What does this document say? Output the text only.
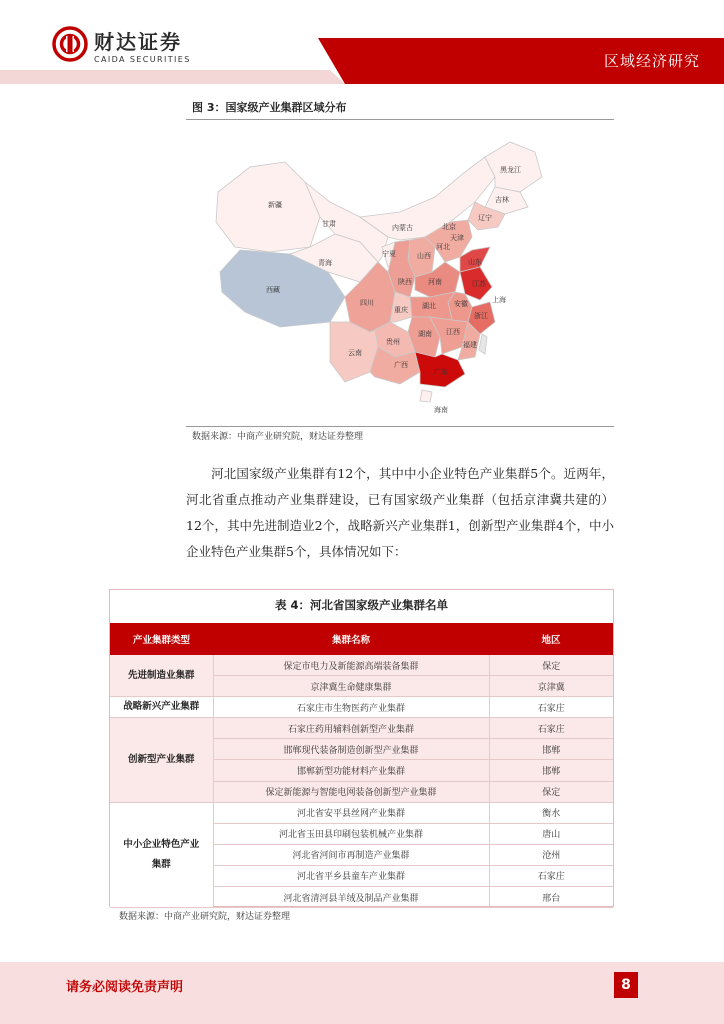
财达证券
CAIDA SECURITIES	区域经济研究
图 3：国家级产业集群区域分布
新疆
甘肃	内蒙古
黑龙江
吉林
辽宁
北京
天津
河北
山西
宁夏
青海
西藏
山东
陕西 河南	江苏
上海
安徽
四川	湖北
浙江
重庆
湖南 江西
贵州	福建
云南
广西
广东
海南
数据来源：中商产业研究院，财达证券整理
河北国家级产业集群有12个，其中中小企业特色产业集群5个。近两年，河北省重点推动产业集群建设，已有国家级产业集群（包括京津冀共建的）12个，其中先进制造业2个，战略新兴产业集群1，创新型产业集群4个，中小企业特色产业集群5个，具体情况如下：
表 4：河北省国家级产业集群名单
产业集群类型	集群名称	地区
先进制造业集群	保定市电力及新能源高端装备集群	保定
	京津冀生命健康集群	京津冀
战略新兴产业集群	石家庄市生物医药产业集群	石家庄
创新型产业集群	石家庄药用辅料创新型产业集群	石家庄
	邯郸现代装备制造创新型产业集群	邯郸
	邯郸新型功能材料产业集群	邯郸
	保定新能源与智能电网装备创新型产业集群	保定
中小企业特色产业集群	河北省安平县丝网产业集群	衡水
	河北省玉田县印刷包装机械产业集群	唐山
	河北省河间市再制造产业集群	沧州
	河北省平乡县童车产业集群	石家庄
	河北省清河县羊绒及制品产业集群	邢台
数据来源：中商产业研究院，财达证券整理
请务必阅读免责声明	8
